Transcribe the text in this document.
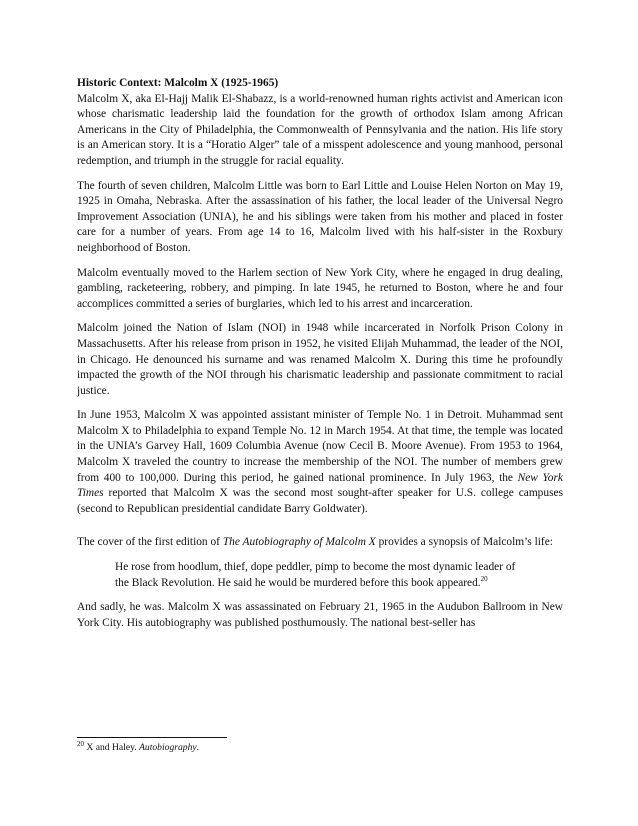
Historic Context: Malcolm X (1925-1965)
Malcolm X, aka El-Hajj Malik El-Shabazz, is a world-renowned human rights activist and American icon whose charismatic leadership laid the foundation for the growth of orthodox Islam among African Americans in the City of Philadelphia, the Commonwealth of Pennsylvania and the nation. His life story is an American story. It is a “Horatio Alger” tale of a misspent adolescence and young manhood, personal redemption, and triumph in the struggle for racial equality.

The fourth of seven children, Malcolm Little was born to Earl Little and Louise Helen Norton on May 19, 1925 in Omaha, Nebraska. After the assassination of his father, the local leader of the Universal Negro Improvement Association (UNIA), he and his siblings were taken from his mother and placed in foster care for a number of years. From age 14 to 16, Malcolm lived with his half-sister in the Roxbury neighborhood of Boston.

Malcolm eventually moved to the Harlem section of New York City, where he engaged in drug dealing, gambling, racketeering, robbery, and pimping. In late 1945, he returned to Boston, where he and four accomplices committed a series of burglaries, which led to his arrest and incarceration.

Malcolm joined the Nation of Islam (NOI) in 1948 while incarcerated in Norfolk Prison Colony in Massachusetts. After his release from prison in 1952, he visited Elijah Muhammad, the leader of the NOI, in Chicago. He denounced his surname and was renamed Malcolm X. During this time he profoundly impacted the growth of the NOI through his charismatic leadership and passionate commitment to racial justice.

In June 1953, Malcolm X was appointed assistant minister of Temple No. 1 in Detroit. Muhammad sent Malcolm X to Philadelphia to expand Temple No. 12 in March 1954. At that time, the temple was located in the UNIA’s Garvey Hall, 1609 Columbia Avenue (now Cecil B. Moore Avenue). From 1953 to 1964, Malcolm X traveled the country to increase the membership of the NOI. The number of members grew from 400 to 100,000. During this period, he gained national prominence. In July 1963, the New York Times reported that Malcolm X was the second most sought-after speaker for U.S. college campuses (second to Republican presidential candidate Barry Goldwater).

The cover of the first edition of The Autobiography of Malcolm X provides a synopsis of Malcolm’s life:

He rose from hoodlum, thief, dope peddler, pimp to become the most dynamic leader of the Black Revolution. He said he would be murdered before this book appeared.$^{20}$

And sadly, he was. Malcolm X was assassinated on February 21, 1965 in the Audubon Ballroom in New York City. His autobiography was published posthumously. The national best-seller has

$^{20}$ X and Haley. Autobiography.
